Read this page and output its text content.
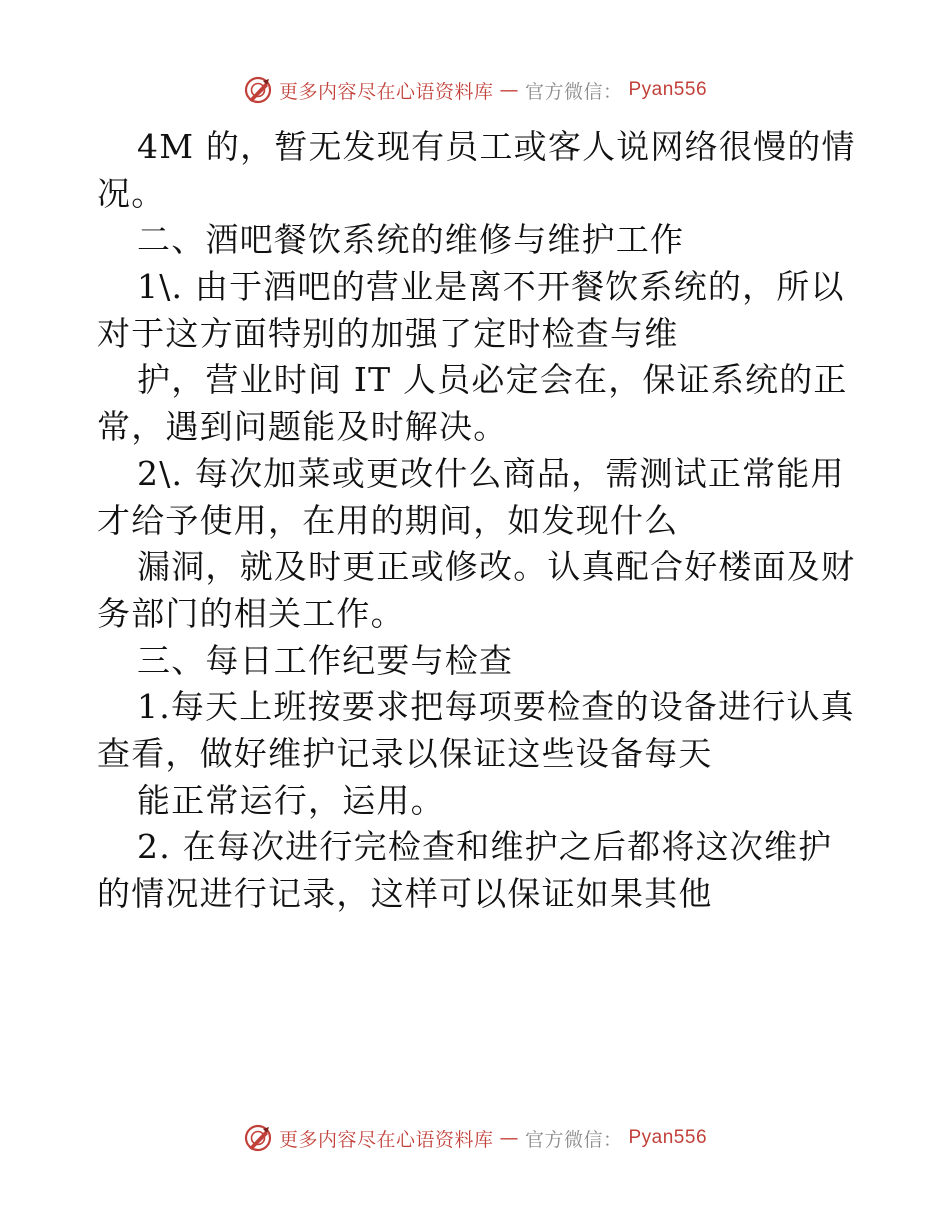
更多内容尽在心语资料库 — 官方微信： Pyan556
4M 的，暂无发现有员工或客人说网络很慢的情
况。
二、酒吧餐饮系统的维修与维护工作
1\. 由于酒吧的营业是离不开餐饮系统的，所以
对于这方面特别的加强了定时检查与维
护，营业时间 IT 人员必定会在，保证系统的正
常，遇到问题能及时解决。
2\. 每次加菜或更改什么商品，需测试正常能用
才给予使用，在用的期间，如发现什么
漏洞，就及时更正或修改。认真配合好楼面及财
务部门的相关工作。
三、每日工作纪要与检查
1.每天上班按要求把每项要检查的设备进行认真
查看，做好维护记录以保证这些设备每天
能正常运行，运用。
2. 在每次进行完检查和维护之后都将这次维护
的情况进行记录，这样可以保证如果其他
更多内容尽在心语资料库 — 官方微信： Pyan556
